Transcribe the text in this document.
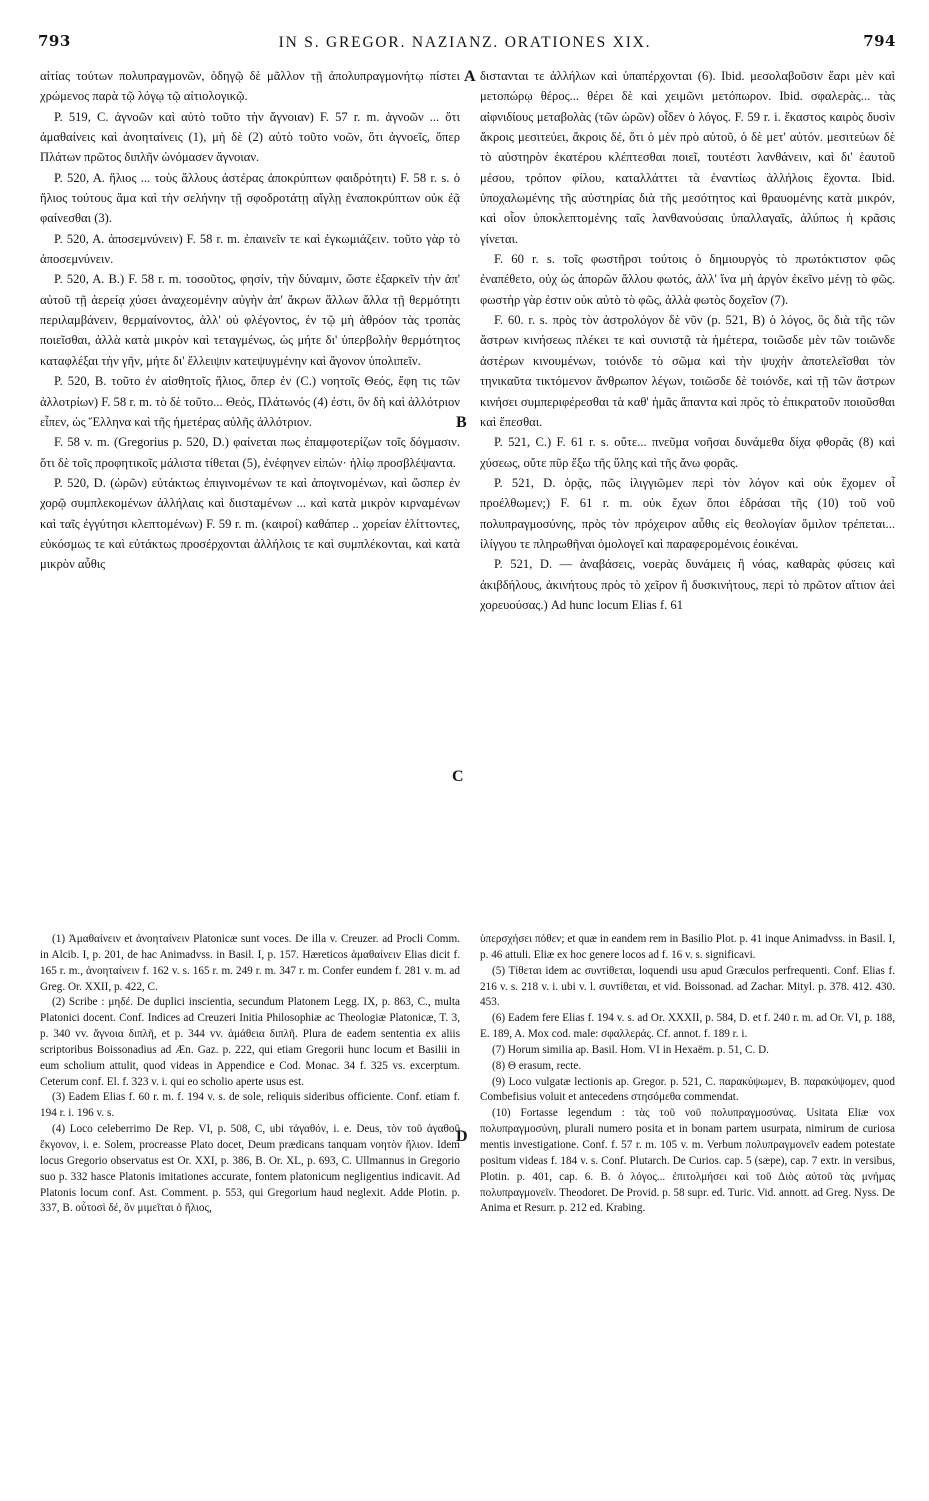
793	IN S. GREGOR. NAZIANZ. ORATIONES XIX.	794

αἰτίας τούτων πολυπραγμονῶν, ὀδηγῷ δὲ μᾶλλον τῇ ἀπολυπραγμονήτῳ πίστει χρώμενος παρὰ τῷ λόγῳ τῷ αἰτιολογικῷ.

P. 519, C. ἀγνοῶν καὶ αὐτὸ τοῦτο τὴν ἄγνοιαν) F. 57 r. m. ἀγνοῶν ... ὅτι ἀμαθαίνεις καὶ ἀνοηταίνεις (1), μὴ δὲ (2) αὐτὸ τοῦτο νοῶν, ὅτι ἀγνοεῖς, ὅπερ Πλάτων πρῶτος διπλῆν ὠνόμασεν ἄγνοιαν.

P. 520, A. ἥλιος ... τοὺς ἄλλους ἀστέρας ἀποκρύπτων φαιδρότητι) F. 58 r. s. ὁ ἥλιος τούτους ἅμα καὶ τὴν σελήνην τῇ σφοδροτάτῃ αἴγλῃ ἐναποκρύπτων οὐκ ἐᾷ φαίνεσθαι (3).

P. 520, A. ἀποσεμνύνειν) F. 58 r. m. ἐπαινεῖν τε καὶ ἐγκωμιάζειν. τοῦτο γὰρ τὸ ἀποσεμνύνειν.

P. 520, A. B.) F. 58 r. m. τοσοῦτος, φησίν, τὴν δύναμιν, ὥστε ἐξαρκεῖν τὴν ἀπ' αὐτοῦ τῇ ἀερείᾳ χύσει ἀναχεομένην αὐγὴν ἀπ' ἄκρων ἄλλων ἄλλα τῇ θερμότητι περιλαμβάνειν, θερμαίνοντος, ἀλλ' οὐ φλέγοντος, ἐν τῷ μὴ ἀθρόον τὰς τροπὰς ποιεῖσθαι, ἀλλὰ κατὰ μικρὸν καὶ τεταγμένως, ὡς μήτε δι' ὑπερβολὴν θερμότητος καταφλέξαι τὴν γῆν, μήτε δι' ἔλλειψιν κατεψυγμένην καὶ ἄγονον ὑπολιπεῖν.

P. 520, B. τοῦτο ἐν αἰσθητοῖς ἥλιος, ὅπερ ἐν (C.) νοητοῖς Θεός, ἔφη τις τῶν ἀλλοτρίων) F. 58 r. m. τὸ δὲ τοῦτο... Θεός, Πλάτωνός (4) ἐστι, ὃν δὴ καὶ ἀλλότριον εἶπεν, ὡς Ἕλληνα καὶ τῆς ἡμετέρας αὐλῆς ἀλλότριον.

F. 58 v. m. (Gregorius p. 520, D.) φαίνεται πως ἐπαμφοτερίζων τοῖς δόγμασιν. ὅτι δὲ τοῖς προφητικοῖς μάλιστα τίθεται (5), ἐνέφηνεν εἰπών· ἡλίῳ προσβλέψαντα.

P. 520, D. (ὡρῶν) εὐτάκτως ἐπιγινομένων τε καὶ ἀπογινομένων, καὶ ὥσπερ ἐν χορῷ συμπλεκομένων ἀλλήλαις καὶ διισταμένων ... καὶ κατὰ μικρὸν κιρναμένων καὶ ταῖς ἐγγύτησι κλεπτομένων) F. 59 r. m. (καιροί) καθάπερ .. χορείαν ἑλίττοντες, εὐκόσμως τε καὶ εὐτάκτως προσέρχονται ἀλλήλοις τε καὶ συμπλέκονται, καὶ κατὰ μικρὸν αὖθις

διστανται τε ἀλλήλων καὶ ὑπαπέρχονται (6). Ibid. μεσολαβοῦσιν ἔαρι μὲν καὶ μετοπώρῳ θέρος... θέρει δὲ καὶ χειμῶνι μετόπωρον. Ibid. σφαλερὰς... τὰς αἰφνιδίους μεταβολὰς (τῶν ὡρῶν) οἶδεν ὁ λόγος. F. 59 r. i. ἕκαστος καιρὸς δυσὶν ἄκροις μεσιτεύει, ἄκροις δέ, ὅτι ὁ μὲν πρὸ αὐτοῦ, ὁ δὲ μετ' αὐτόν. μεσιτεύων δὲ τὸ αὐστηρὸν ἑκατέρου κλέπτεσθαι ποιεῖ, τουτέστι λανθάνειν, καὶ δι' ἑαυτοῦ μέσου, τρόπον φίλου, καταλλάττει τὰ ἐναντίως ἀλλήλοις ἔχοντα. Ibid. ὑποχαλωμένης τῆς αὐστηρίας διὰ τῆς μεσότητος καὶ θραυομένης κατὰ μικρόν, καὶ οἷον ὑποκλεπτομένης ταῖς λανθανούσαις ὑπαλλαγαῖς, ἀλύπως ἡ κρᾶσις γίνεται.

F. 60 r. s. τοῖς φωστῆρσι τούτοις ὁ δημιουργὸς τὸ πρωτόκτιστον φῶς ἐναπέθετο, οὐχ ὡς ἀπορῶν ἄλλου φωτός, ἀλλ' ἵνα μὴ ἀργὸν ἐκεῖνο μένῃ τὸ φῶς. φωστὴρ γὰρ ἐστιν οὐκ αὐτὸ τὸ φῶς, ἀλλὰ φωτὸς δοχεῖον (7).

F. 60. r. s. πρὸς τὸν ἀστρολόγον δὲ νῦν (p. 521, B) ὁ λόγος, ὃς διὰ τῆς τῶν ἄστρων κινήσεως πλέκει τε καὶ συνιστᾷ τὰ ἡμέτερα, τοιῶσδε μὲν τῶν τοιῶνδε ἀστέρων κινουμένων, τοιόνδε τὸ σῶμα καὶ τὴν ψυχὴν ἀποτελεῖσθαι τὸν τηνικαῦτα τικτόμενον ἄνθρωπον λέγων, τοιῶσδε δὲ τοιόνδε, καὶ τῇ τῶν ἄστρων κινήσει συμπεριφέρεσθαι τὰ καθ' ἡμᾶς ἅπαντα καὶ πρὸς τὸ ἐπικρατοῦν ποιοῦσθαι καὶ ἕπεσθαι.

P. 521, C.) F. 61 r. s. οὔτε... πνεῦμα νοῆσαι δυνάμεθα δίχα φθορᾶς (8) καὶ χύσεως, οὔτε πῦρ ἔξω τῆς ὕλης καὶ τῆς ἄνω φορᾶς.

P. 521, D. ὁρᾷς, πῶς ἰλιγγιῶμεν περὶ τὸν λόγον καὶ οὐκ ἔχομεν οἷ προέλθωμεν;) F. 61 r. m. οὐκ ἔχων ὅποι ἑδράσαι τῆς (10) τοῦ νοῦ πολυπραγμοσύνης, πρὸς τὸν πρόχειρον αὖθις εἰς θεολογίαν ὅμιλον τρέπεται... ἰλίγγου τε πληρωθῆναι ὁμολογεῖ καὶ παραφερομένοις ἐοικέναι.

P. 521, D. — ἀναβάσεις, νοερὰς δυνάμεις ἢ νόας, καθαρὰς φύσεις καὶ ἀκιβδήλους, ἀκινήτους πρὸς τὸ χεῖρον ἢ δυσκινήτους, περὶ τὸ πρῶτον αἴτιον ἀεὶ χορευούσας.) Ad hunc locum Elias f. 61

A
B
C
D

(1) Ἀμαθαίνειν et ἀνοηταίνειν Platonicæ sunt voces. De illa v. Creuzer. ad Procli Comm. in Alcib. I, p. 201, de hac Animadvss. in Basil. I, p. 157. Hæreticos ἀμαθαίνειν Elias dicit f. 165 r. m., ἀνοηταίνειν f. 162 v. s. 165 r. m. 249 r. m. 347 r. m. Confer eundem f. 281 v. m. ad Greg. Or. XXII, p. 422, C.

(2) Scribe : μηδέ. De duplici inscientia, secundum Platonem Legg. IX, p. 863, C., multa Platonici docent. Conf. Indices ad Creuzeri Initia Philosophiæ ac Theologiæ Platonicæ, T. 3, p. 340 vv. ἄγνοια διπλῆ, et p. 344 vv. ἀμάθεια διπλῆ. Plura de eadem sententia ex aliis scriptoribus Boissonadius ad Æn. Gaz. p. 222, qui etiam Gregorii hunc locum et Basilii in eum scholium attulit, quod videas in Appendice e Cod. Monac. 34 f. 325 vs. excerptum. Ceterum conf. El. f. 323 v. i. qui eo scholio aperte usus est.

(3) Eadem Elias f. 60 r. m. f. 194 v. s. de sole, reliquis sideribus officiente. Conf. etiam f. 194 r. i. 196 v. s.

(4) Loco celeberrimo De Rep. VI, p. 508, C, ubi τἀγαθόν, i. e. Deus, τὸν τοῦ ἀγαθοῦ ἔκγονον, i. e. Solem, procreasse Plato docet, Deum prædicans tanquam νοητὸν ἥλιον. Idem locus Gregorio observatus est Or. XXI, p. 386, B. Or. XL, p. 693, C. Ullmannus in Gregorio suo p. 332 hasce Platonis imitationes accurate, fontem platonicum negligentius indicavit. Ad Platonis locum conf. Ast. Comment. p. 553, qui Gregorium haud neglexit. Adde Plotin. p. 337, B. οὗτοσὶ δέ, ὃν μιμεῖται ὁ ἥλιος,

ὑπερσχήσει πόθεν; et quæ in eandem rem in Basilio Plot. p. 41 inque Animadvss. in Basil. I, p. 46 attuli. Eliæ ex hoc genere locos ad f. 16 v. s. significavi.

(5) Τίθεται idem ac συντίθεται, loquendi usu apud Græculos perfrequenti. Conf. Elias f. 216 v. s. 218 v. i. ubi v. l. συντίθεται, et vid. Boissonad. ad Zachar. Mityl. p. 378. 412. 430. 453.

(6) Eadem fere Elias f. 194 v. s. ad Or. XXXII, p. 584, D. et f. 240 r. m. ad Or. VI, p. 188, E. 189, A. Mox cod. male: σφαλλεράς. Cf. annot. f. 189 r. i.

(7) Horum similia ap. Basil. Hom. VI in Hexaëm. p. 51, C. D.

(8) Θ erasum, recte.

(9) Loco vulgatæ lectionis ap. Gregor. p. 521, C. παρακύψωμεν, B. παρακύψομεν, quod Combefisius voluit et antecedens στησόμεθα commendat.

(10) Fortasse legendum : τὰς τοῦ νοῦ πολυπραγμοσύνας. Usitata Eliæ vox πολυπραγμοσύνη, plurali numero posita et in bonam partem usurpata, nimirum de curiosa mentis investigatione. Conf. f. 57 r. m. 105 v. m. Verbum πολυπραγμονεῖν eadem potestate positum videas f. 184 v. s. Conf. Plutarch. De Curios. cap. 5 (sæpe), cap. 7 extr. in versibus, Plotin. p. 401, cap. 6. B. ὁ λόγος... ἐπιτολμήσει καὶ τοῦ Διὸς αὐτοῦ τὰς μνήμας πολυπραγμονεῖν. Theodoret. De Provid. p. 58 supr. ed. Turic. Vid. annott. ad Greg. Nyss. De Anima et Resurr. p. 212 ed. Krabing.
